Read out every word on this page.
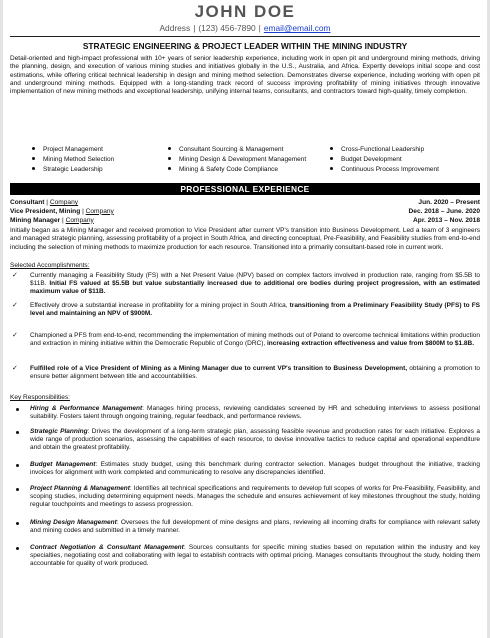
JOHN DOE
Address | (123) 456-7890 | email@email.com
STRATEGIC ENGINEERING & PROJECT LEADER WITHIN THE MINING INDUSTRY
Detail-oriented and high-impact professional with 10+ years of senior leadership experience, including work in open pit and underground mining methods, driving the planning, design, and execution of various mining studies and initiatives globally in the U.S., Australia, and Africa. Expertly develops initial scope and cost estimations, while offering critical technical leadership in design and mining method selection. Demonstrates diverse experience, including working with open pit and underground mining methods. Equipped with a long-standing track record of success improving profitability of mining initiatives through innovative implementation of new mining methods and exceptional leadership, unifying internal teams, consultants, and contractors toward high-quality, timely completion.
Project Management	Consultant Sourcing & Management	Cross-Functional Leadership
Mining Method Selection	Mining Design & Development Management	Budget Development
Strategic Leadership	Mining & Safety Code Compliance	Continuous Process Improvement
PROFESSIONAL EXPERIENCE
Consultant | Company	Jun. 2020 – Present
Vice President, Mining | Company	Dec. 2018 – June. 2020
Mining Manager | Company	Apr. 2013 – Nov. 2018
Initially began as a Mining Manager and received promotion to Vice President after current VP's transition into Business Development. Led a team of 3 engineers and managed strategic planning, assessing profitability of a project in South Africa, and directing conceptual, Pre-Feasibility, and Feasibility studies from end-to-end including the selection of mining methods to maximize production for each resource. Transitioned into a primarily consultant-based role in current work.
Selected Accomplishments:
✓ Currently managing a Feasibility Study (FS) with a Net Present Value (NPV) based on complex factors involved in production rate, ranging from $5.5B to $11B. Initial FS valued at $5.5B but value substantially increased due to additional ore bodies during project progression, with an estimated maximum value of $11B.
✓ Effectively drove a substantial increase in profitability for a mining project in South Africa, transitioning from a Preliminary Feasibility Study (PFS) to FS level and maintaining an NPV of $900M.
✓ Championed a PFS from end-to-end, recommending the implementation of mining methods out of Poland to overcome technical limitations within production and extraction in mining initiative within the Democratic Republic of Congo (DRC), increasing extraction effectiveness and value from $800M to $1.8B.
✓ Fulfilled role of a Vice President of Mining as a Mining Manager due to current VP's transition to Business Development, obtaining a promotion to ensure better alignment between title and accountabilities.
Key Responsibilities:
Hiring & Performance Management: Manages hiring process, reviewing candidates screened by HR and scheduling interviews to assess positional suitability. Fosters talent through ongoing training, regular feedback, and performance reviews.
Strategic Planning: Drives the development of a long-term strategic plan, assessing feasible revenue and production rates for each initiative. Explores a wide range of production scenarios, assessing the capabilities of each resource, to devise innovative tactics to reduce capital and operational expenditure and obtain the greatest profitability.
Budget Management: Estimates study budget, using this benchmark during contractor selection. Manages budget throughout the initiative, tracking invoices for alignment with work completed and communicating to resolve any discrepancies identified.
Project Planning & Management: Identifies all technical specifications and requirements to develop full scopes of works for Pre-Feasibility, Feasibility, and scoping studies, including determining equipment needs. Manages the schedule and ensures achievement of key milestones throughout the study, holding regular touchpoints and meetings to assess progression.
Mining Design Management: Oversees the full development of mine designs and plans, reviewing all incoming drafts for compliance with relevant safety and mining codes and submitted in a timely manner.
Contract Negotiation & Consultant Management: Sources consultants for specific mining studies based on reputation within the industry and key specialties, negotiating cost and collaborating with legal to establish contracts with optimal pricing. Manages consultants throughout the study, holding them accountable for quality of work produced.
